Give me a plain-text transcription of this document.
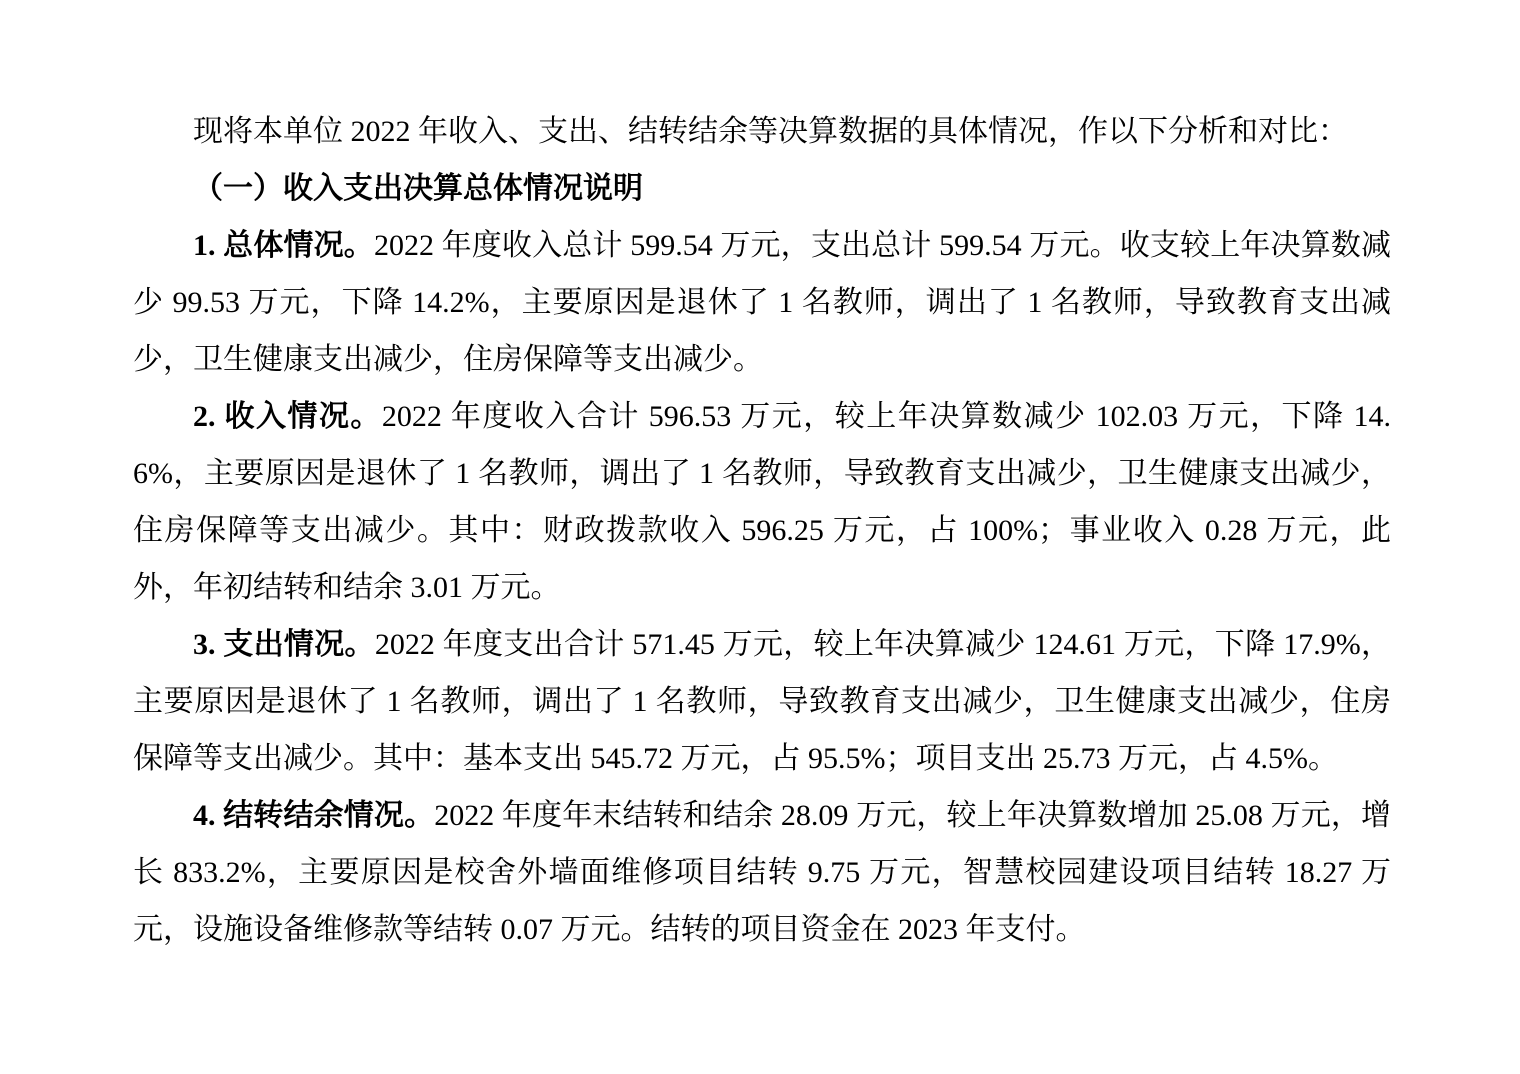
现将本单位 2022 年收入、支出、结转结余等决算数据的具体情况，作以下分析和对比：

（一）收入支出决算总体情况说明

1. 总体情况。2022 年度收入总计 599.54 万元，支出总计 599.54 万元。收支较上年决算数减少 99.53 万元，下降 14.2%，主要原因是退休了 1 名教师，调出了 1 名教师，导致教育支出减少，卫生健康支出减少，住房保障等支出减少。

2. 收入情况。2022 年度收入合计 596.53 万元，较上年决算数减少 102.03 万元，下降 14.6%，主要原因是退休了 1 名教师，调出了 1 名教师，导致教育支出减少，卫生健康支出减少，住房保障等支出减少。其中：财政拨款收入 596.25 万元，占 100%；事业收入 0.28 万元，此外，年初结转和结余 3.01 万元。

3. 支出情况。2022 年度支出合计 571.45 万元，较上年决算减少 124.61 万元，下降 17.9%，主要原因是退休了 1 名教师，调出了 1 名教师，导致教育支出减少，卫生健康支出减少，住房保障等支出减少。其中：基本支出 545.72 万元，占 95.5%；项目支出 25.73 万元，占 4.5%。

4. 结转结余情况。2022 年度年末结转和结余 28.09 万元，较上年决算数增加 25.08 万元，增长 833.2%，主要原因是校舍外墙面维修项目结转 9.75 万元，智慧校园建设项目结转 18.27 万元，设施设备维修款等结转 0.07 万元。结转的项目资金在 2023 年支付。
